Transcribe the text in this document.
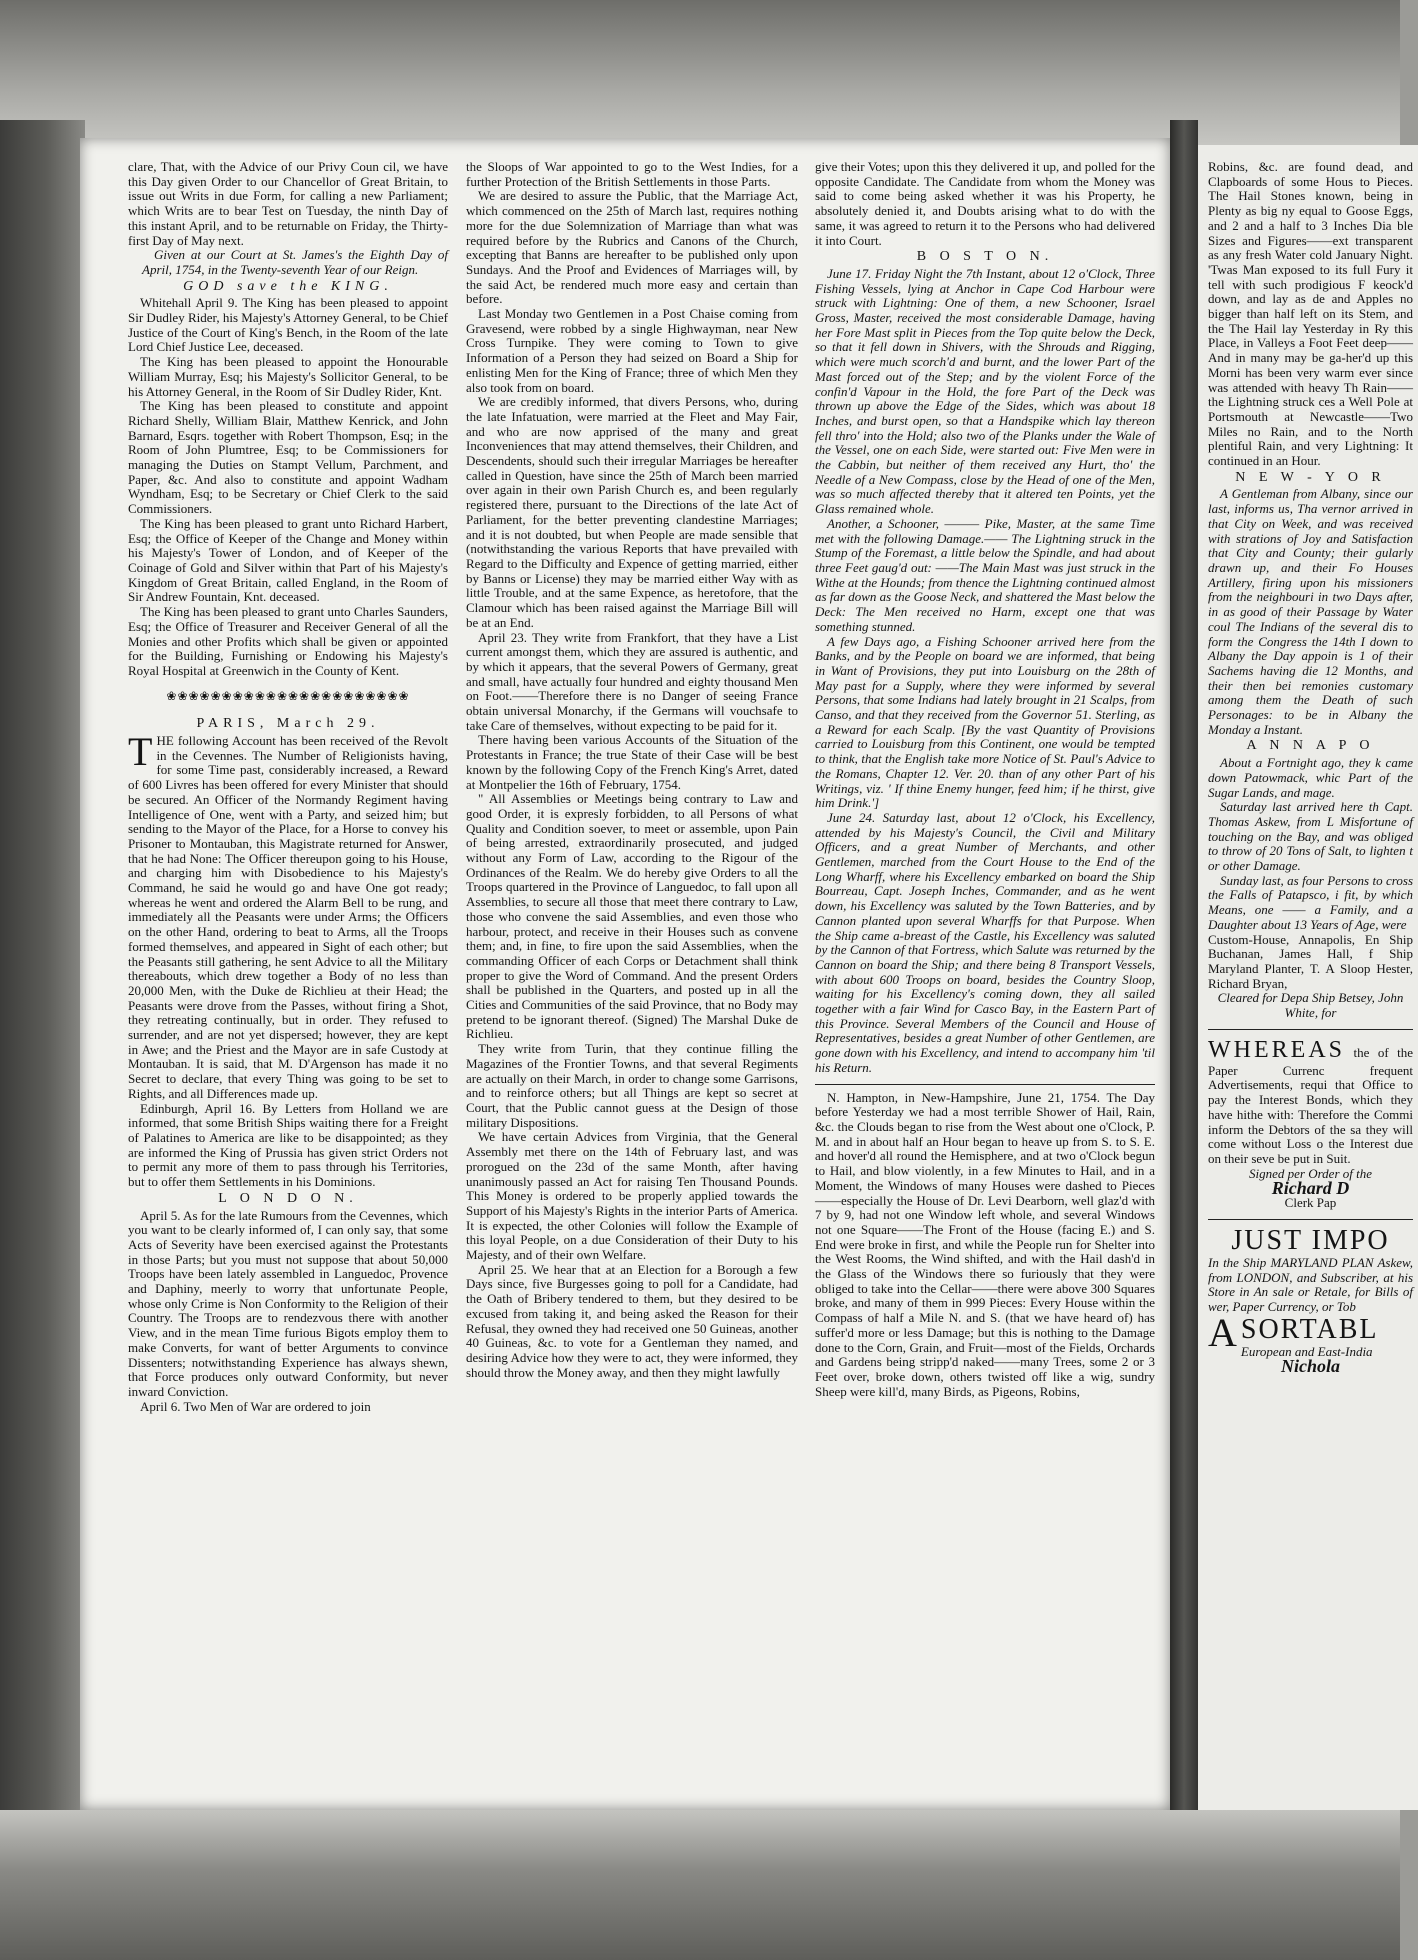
clare, That, with the Advice of our Privy Coun cil, we have this Day given Order to our Chancellor of Great Britain, to issue out Writs in due Form, for calling a new Parliament; which Writs are to bear Test on Tuesday, the ninth Day of this instant April, and to be returnable on Friday, the Thirty-first Day of May next.

Given at our Court at St. James's the Eighth Day of April, 1754, in the Twenty-seventh Year of our Reign.

GOD save the KING.

Whitehall April 9. The King has been pleased to appoint Sir Dudley Rider, his Majesty's Attorney General, to be Chief Justice of the Court of King's Bench, in the Room of the late Lord Chief Justice Lee, deceased.

The King has been pleased to appoint the Honourable William Murray, Esq; his Majesty's Sollicitor General, to be his Attorney General, in the Room of Sir Dudley Rider, Knt.

The King has been pleased to constitute and appoint Richard Shelly, William Blair, Matthew Kenrick, and John Barnard, Esqrs. together with Robert Thompson, Esq; in the Room of John Plumtree, Esq; to be Commissioners for managing the Duties on Stampt Vellum, Parchment, and Paper, &c. And also to constitute and appoint Wadham Wyndham, Esq; to be Secretary or Chief Clerk to the said Commissioners.

The King has been pleased to grant unto Richard Harbert, Esq; the Office of Keeper of the Change and Money within his Majesty's Tower of London, and of Keeper of the Coinage of Gold and Silver within that Part of his Majesty's Kingdom of Great Britain, called England, in the Room of Sir Andrew Fountain, Knt. deceased.

The King has been pleased to grant unto Charles Saunders, Esq; the Office of Treasurer and Receiver General of all the Monies and other Profits which shall be given or appointed for the Building, Furnishing or Endowing his Majesty's Royal Hospital at Greenwich in the County of Kent.

❀❀❀❀❀❀❀❀❀❀❀❀❀❀❀❀❀❀❀❀❀❀

PARIS, March 29.

THE following Account has been received of the Revolt in the Cevennes. The Number of Religionists having, for some Time past, considerably increased, a Reward of 600 Livres has been offered for every Minister that should be secured. An Officer of the Normandy Regiment having Intelligence of One, went with a Party, and seized him; but sending to the Mayor of the Place, for a Horse to convey his Prisoner to Montauban, this Magistrate returned for Answer, that he had None: The Officer thereupon going to his House, and charging him with Disobedience to his Majesty's Command, he said he would go and have One got ready; whereas he went and ordered the Alarm Bell to be rung, and immediately all the Peasants were under Arms; the Officers on the other Hand, ordering to beat to Arms, all the Troops formed themselves, and appeared in Sight of each other; but the Peasants still gathering, he sent Advice to all the Military thereabouts, which drew together a Body of no less than 20,000 Men, with the Duke de Richlieu at their Head; the Peasants were drove from the Passes, without firing a Shot, they retreating continually, but in order. They refused to surrender, and are not yet dispersed; however, they are kept in Awe; and the Priest and the Mayor are in safe Custody at Montauban. It is said, that M. D'Argenson has made it no Secret to declare, that every Thing was going to be set to Rights, and all Differences made up.

Edinburgh, April 16. By Letters from Holland we are informed, that some British Ships waiting there for a Freight of Palatines to America are like to be disappointed; as they are informed the King of Prussia has given strict Orders not to permit any more of them to pass through his Territories, but to offer them Settlements in his Dominions.

L O N D O N.

April 5. As for the late Rumours from the Cevennes, which you want to be clearly informed of, I can only say, that some Acts of Severity have been exercised against the Protestants in those Parts; but you must not suppose that about 50,000 Troops have been lately assembled in Languedoc, Provence and Daphiny, meerly to worry that unfortunate People, whose only Crime is Non Conformity to the Religion of their Country. The Troops are to rendezvous there with another View, and in the mean Time furious Bigots employ them to make Converts, for want of better Arguments to convince Dissenters; notwithstanding Experience has always shewn, that Force produces only outward Conformity, but never inward Conviction.

April 6. Two Men of War are ordered to join

the Sloops of War appointed to go to the West Indies, for a further Protection of the British Settlements in those Parts.

We are desired to assure the Public, that the Marriage Act, which commenced on the 25th of March last, requires nothing more for the due Solemnization of Marriage than what was required before by the Rubrics and Canons of the Church, excepting that Banns are hereafter to be published only upon Sundays. And the Proof and Evidences of Marriages will, by the said Act, be rendered much more easy and certain than before.

Last Monday two Gentlemen in a Post Chaise coming from Gravesend, were robbed by a single Highwayman, near New Cross Turnpike. They were coming to Town to give Information of a Person they had seized on Board a Ship for enlisting Men for the King of France; three of which Men they also took from on board.

We are credibly informed, that divers Persons, who, during the late Infatuation, were married at the Fleet and May Fair, and who are now apprised of the many and great Inconveniences that may attend themselves, their Children, and Descendents, should such their irregular Marriages be hereafter called in Question, have since the 25th of March been married over again in their own Parish Church es, and been regularly registered there, pursuant to the Directions of the late Act of Parliament, for the better preventing clandestine Marriages; and it is not doubted, but when People are made sensible that (notwithstanding the various Reports that have prevailed with Regard to the Difficulty and Expence of getting married, either by Banns or License) they may be married either Way with as little Trouble, and at the same Expence, as heretofore, that the Clamour which has been raised against the Marriage Bill will be at an End.

April 23. They write from Frankfort, that they have a List current amongst them, which they are assured is authentic, and by which it appears, that the several Powers of Germany, great and small, have actually four hundred and eighty thousand Men on Foot.——Therefore there is no Danger of seeing France obtain universal Monarchy, if the Germans will vouchsafe to take Care of themselves, without expecting to be paid for it.

There having been various Accounts of the Situation of the Protestants in France; the true State of their Case will be best known by the following Copy of the French King's Arret, dated at Montpelier the 16th of February, 1754.

" All Assemblies or Meetings being contrary to Law and good Order, it is expresly forbidden, to all Persons of what Quality and Condition soever, to meet or assemble, upon Pain of being arrested, extraordinarily prosecuted, and judged without any Form of Law, according to the Rigour of the Ordinances of the Realm. We do hereby give Orders to all the Troops quartered in the Province of Languedoc, to fall upon all Assemblies, to secure all those that meet there contrary to Law, those who convene the said Assemblies, and even those who harbour, protect, and receive in their Houses such as convene them; and, in fine, to fire upon the said Assemblies, when the commanding Officer of each Corps or Detachment shall think proper to give the Word of Command. And the present Orders shall be published in the Quarters, and posted up in all the Cities and Communities of the said Province, that no Body may pretend to be ignorant thereof. (Signed) The Marshal Duke de Richlieu.

They write from Turin, that they continue filling the Magazines of the Frontier Towns, and that several Regiments are actually on their March, in order to change some Garrisons, and to reinforce others; but all Things are kept so secret at Court, that the Public cannot guess at the Design of those military Dispositions.

We have certain Advices from Virginia, that the General Assembly met there on the 14th of February last, and was prorogued on the 23d of the same Month, after having unanimously passed an Act for raising Ten Thousand Pounds. This Money is ordered to be properly applied towards the Support of his Majesty's Rights in the interior Parts of America. It is expected, the other Colonies will follow the Example of this loyal People, on a due Consideration of their Duty to his Majesty, and of their own Welfare.

April 25. We hear that at an Election for a Borough a few Days since, five Burgesses going to poll for a Candidate, had the Oath of Bribery tendered to them, but they desired to be excused from taking it, and being asked the Reason for their Refusal, they owned they had received one 50 Guineas, another 40 Guineas, &c. to vote for a Gentleman they named, and desiring Advice how they were to act, they were informed, they should throw the Money away, and then they might lawfully

give their Votes; upon this they delivered it up, and polled for the opposite Candidate. The Candidate from whom the Money was said to come being asked whether it was his Property, he absolutely denied it, and Doubts arising what to do with the same, it was agreed to return it to the Persons who had delivered it into Court.

B O S T O N.

June 17. Friday Night the 7th Instant, about 12 o'Clock, Three Fishing Vessels, lying at Anchor in Cape Cod Harbour were struck with Lightning: One of them, a new Schooner, Israel Gross, Master, received the most considerable Damage, having her Fore Mast split in Pieces from the Top quite below the Deck, so that it fell down in Shivers, with the Shrouds and Rigging, which were much scorch'd and burnt, and the lower Part of the Mast forced out of the Step; and by the violent Force of the confin'd Vapour in the Hold, the fore Part of the Deck was thrown up above the Edge of the Sides, which was about 18 Inches, and burst open, so that a Handspike which lay thereon fell thro' into the Hold; also two of the Planks under the Wale of the Vessel, one on each Side, were started out: Five Men were in the Cabbin, but neither of them received any Hurt, tho' the Needle of a New Compass, close by the Head of one of the Men, was so much affected thereby that it altered ten Points, yet the Glass remained whole.

Another, a Schooner, ——— Pike, Master, at the same Time met with the following Damage.—— The Lightning struck in the Stump of the Foremast, a little below the Spindle, and had about three Feet gaug'd out: ——The Main Mast was just struck in the Withe at the Hounds; from thence the Lightning continued almost as far down as the Goose Neck, and shattered the Mast below the Deck: The Men received no Harm, except one that was something stunned.

A few Days ago, a Fishing Schooner arrived here from the Banks, and by the People on board we are informed, that being in Want of Provisions, they put into Louisburg on the 28th of May past for a Supply, where they were informed by several Persons, that some Indians had lately brought in 21 Scalps, from Canso, and that they received from the Governor 51. Sterling, as a Reward for each Scalp. [By the vast Quantity of Provisions carried to Louisburg from this Continent, one would be tempted to think, that the English take more Notice of St. Paul's Advice to the Romans, Chapter 12. Ver. 20. than of any other Part of his Writings, viz. ' If thine Enemy hunger, feed him; if he thirst, give him Drink.']

June 24. Saturday last, about 12 o'Clock, his Excellency, attended by his Majesty's Council, the Civil and Military Officers, and a great Number of Merchants, and other Gentlemen, marched from the Court House to the End of the Long Wharff, where his Excellency embarked on board the Ship Bourreau, Capt. Joseph Inches, Commander, and as he went down, his Excellency was saluted by the Town Batteries, and by Cannon planted upon several Wharffs for that Purpose. When the Ship came a-breast of the Castle, his Excellency was saluted by the Cannon of that Fortress, which Salute was returned by the Cannon on board the Ship; and there being 8 Transport Vessels, with about 600 Troops on board, besides the Country Sloop, waiting for his Excellency's coming down, they all sailed together with a fair Wind for Casco Bay, in the Eastern Part of this Province. Several Members of the Council and House of Representatives, besides a great Number of other Gentlemen, are gone down with his Excellency, and intend to accompany him 'til his Return.

N. Hampton, in New-Hampshire, June 21, 1754. The Day before Yesterday we had a most terrible Shower of Hail, Rain, &c. the Clouds began to rise from the West about one o'Clock, P. M. and in about half an Hour began to heave up from S. to S. E. and hover'd all round the Hemisphere, and at two o'Clock begun to Hail, and blow violently, in a few Minutes to Hail, and in a Moment, the Windows of many Houses were dashed to Pieces——especially the House of Dr. Levi Dearborn, well glaz'd with 7 by 9, had not one Window left whole, and several Windows not one Square——The Front of the House (facing E.) and S. End were broke in first, and while the People run for Shelter into the West Rooms, the Wind shifted, and with the Hail dash'd in the Glass of the Windows there so furiously that they were obliged to take into the Cellar——there were above 300 Squares broke, and many of them in 999 Pieces: Every House within the Compass of half a Mile N. and S. (that we have heard of) has suffer'd more or less Damage; but this is nothing to the Damage done to the Corn, Grain, and Fruit—most of the Fields, Orchards and Gardens being stripp'd naked——many Trees, some 2 or 3 Feet over, broke down, others twisted off like a wig, sundry Sheep were kill'd, many Birds, as Pigeons, Robins,

Robins, &c. are found dead, and Clapboards of some Hous to Pieces. The Hail Stones known, being in Plenty as big ny equal to Goose Eggs, and 2 and a half to 3 Inches Dia ble Sizes and Figures——ext transparent as any fresh Water cold January Night. 'Twas Man exposed to its full Fury it tell with such prodigious F keock'd down, and lay as de and Apples no bigger than half left on its Stem, and the The Hail lay Yesterday in Ry this Place, in Valleys a Foot Feet deep——And in many may be ga-her'd up this Morni has been very warm ever since was attended with heavy Th Rain——the Lightning struck ces a Well Pole at Portsmouth at Newcastle——Two Miles no Rain, and to the North plentiful Rain, and very Lightning: It continued in an Hour.

N E W - Y O R

A Gentleman from Albany, since our last, informs us, Tha vernor arrived in that City on Week, and was received with strations of Joy and Satisfaction that City and County; their gularly drawn up, and their Fo Houses Artillery, firing upon his missioners from the neighbouri in two Days after, in as good of their Passage by Water coul The Indians of the several dis to form the Congress the 14th I down to Albany the Day appoin is 1 of their Sachems having die 12 Months, and their then bei remonies customary among them the Death of such Personages: to be in Albany the Monday a Instant.

A N N A P O

About a Fortnight ago, they k came down Patowmack, whic Part of the Sugar Lands, and mage.

Saturday last arrived here th Capt. Thomas Askew, from L Misfortune of touching on the Bay, and was obliged to throw of 20 Tons of Salt, to lighten t or other Damage.

Sunday last, as four Persons to cross the Falls of Patapsco, i fit, by which Means, one —— a Family, and a Daughter about 13 Years of Age, were

Custom-House, Annapolis, En Ship Buchanan, James Hall, f Ship Maryland Planter, T. A Sloop Hester, Richard Bryan,

Cleared for Depa Ship Betsey, John White, for

WHEREAS the of the Paper Currenc frequent Advertisements, requi that Office to pay the Interest Bonds, which they have hithe with: Therefore the Commi inform the Debtors of the sa they will come without Loss o the Interest due on their seve be put in Suit.

Signed per Order of the

Richard D

Clerk Pap

JUST IMPO

In the Ship MARYLAND PLAN Askew, from LONDON, and Subscriber, at his Store in An sale or Retale, for Bills of wer, Paper Currency, or Tob

A SORTABL

European and East-India

Nichola
